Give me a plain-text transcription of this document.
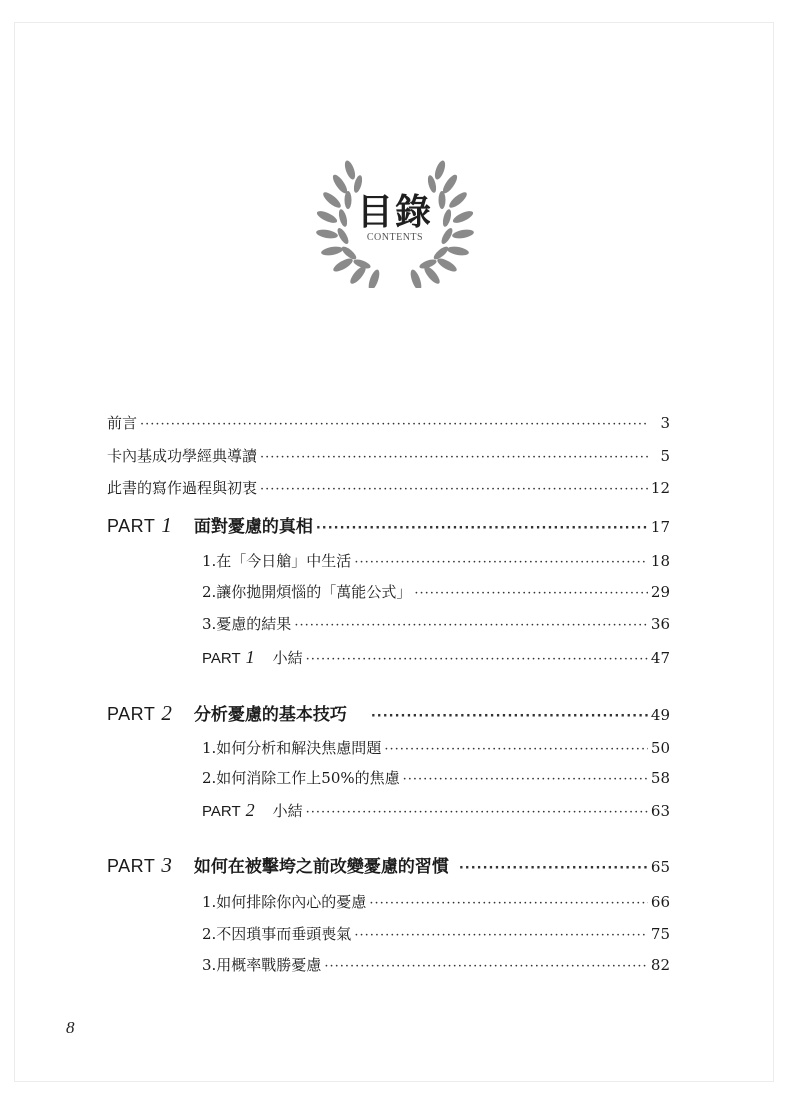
目錄
CONTENTS
前言 ·····	3
卡內基成功學經典導讀 ·····	5
此書的寫作過程與初衷 ·····	12
PART 1 面對憂慮的真相 ·····	17
1.在「今日艙」中生活 ·····	18
2.讓你拋開煩惱的「萬能公式」 ·····	29
3.憂慮的結果 ·····	36
PART 1 小結 ·····	47
PART 2 分析憂慮的基本技巧 ·····	49
1.如何分析和解決焦慮問題 ·····	50
2.如何消除工作上50%的焦慮 ·····	58
PART 2 小結 ·····	63
PART 3 如何在被擊垮之前改變憂慮的習慣 ·····	65
1.如何排除你內心的憂慮 ·····	66
2.不因瑣事而垂頭喪氣 ·····	75
3.用概率戰勝憂慮 ·····	82
8
